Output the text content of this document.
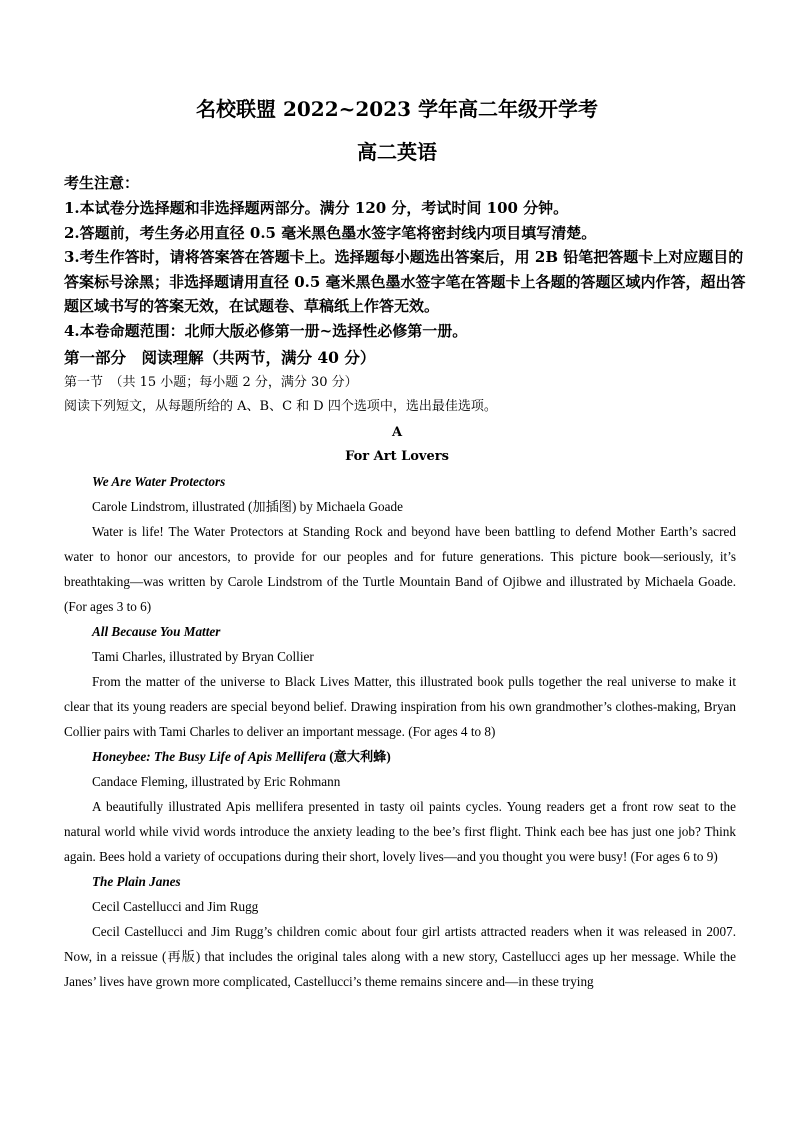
名校联盟 2022~2023 学年高二年级开学考
高二英语
考生注意：
1.本试卷分选择题和非选择题两部分。满分 120 分，考试时间 100 分钟。
2.答题前，考生务必用直径 0.5 毫米黑色墨水签字笔将密封线内项目填写清楚。
3.考生作答时，请将答案答在答题卡上。选择题每小题选出答案后，用 2B 铅笔把答题卡上对应题目的答案标号涂黑；非选择题请用直径 0.5 毫米黑色墨水签字笔在答题卡上各题的答题区域内作答，超出答题区域书写的答案无效，在试题卷、草稿纸上作答无效。
4.本卷命题范围：北师大版必修第一册~选择性必修第一册。
第一部分　阅读理解（共两节，满分 40 分）
第一节　（共 15 小题；每小题 2 分，满分 30 分）
阅读下列短文，从每题所给的 A、B、C 和 D 四个选项中，选出最佳选项。
A
For Art Lovers

We Are Water Protectors

Carole Lindstrom, illustrated (加插图) by Michaela Goade

Water is life! The Water Protectors at Standing Rock and beyond have been battling to defend Mother Earth’s sacred water to honor our ancestors, to provide for our peoples and for future generations. This picture book—seriously, it’s breathtaking—was written by Carole Lindstrom of the Turtle Mountain Band of Ojibwe and illustrated by Michaela Goade. (For ages 3 to 6)

All Because You Matter

Tami Charles, illustrated by Bryan Collier

From the matter of the universe to Black Lives Matter, this illustrated book pulls together the real universe to make it clear that its young readers are special beyond belief. Drawing inspiration from his own grandmother’s clothes-making, Bryan Collier pairs with Tami Charles to deliver an important message. (For ages 4 to 8)

Honeybee: The Busy Life of Apis Mellifera (意大利蜂)

Candace Fleming, illustrated by Eric Rohmann

A beautifully illustrated Apis mellifera presented in tasty oil paints cycles. Young readers get a front row seat to the natural world while vivid words introduce the anxiety leading to the bee’s first flight. Think each bee has just one job? Think again. Bees hold a variety of occupations during their short, lovely lives—and you thought you were busy! (For ages 6 to 9)

The Plain Janes

Cecil Castellucci and Jim Rugg

Cecil Castellucci and Jim Rugg’s children comic about four girl artists attracted readers when it was released in 2007. Now, in a reissue (再版) that includes the original tales along with a new story, Castellucci ages up her message. While the Janes’ lives have grown more complicated, Castellucci’s theme remains sincere and—in these trying
